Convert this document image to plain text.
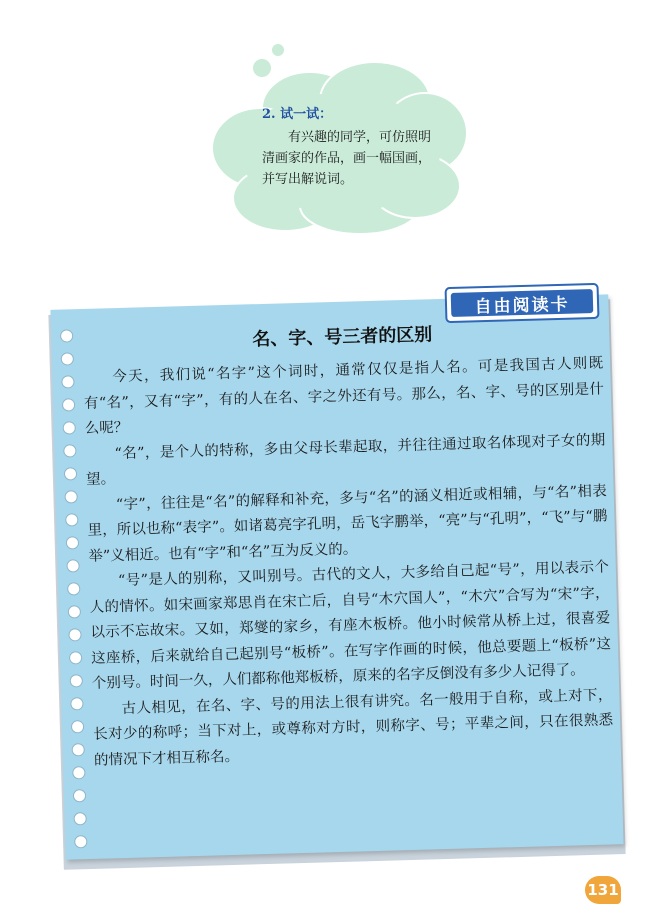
2. 试一试：

有兴趣的同学，可仿照明清画家的作品，画一幅国画，并写出解说词。

自由阅读卡
名、字、号三者的区别

今天，我们说“名字”这个词时，通常仅仅是指人名。可是我国古人则既有“名”，又有“字”，有的人在名、字之外还有号。那么，名、字、号的区别是什么呢？

“名”，是个人的特称，多由父母长辈起取，并往往通过取名体现对子女的期望。

“字”，往往是“名”的解释和补充，多与“名”的涵义相近或相辅，与“名”相表里，所以也称“表字”。如诸葛亮字孔明，岳飞字鹏举，“亮”与“孔明”，“飞”与“鹏举”义相近。也有“字”和“名”互为反义的。

“号”是人的别称，又叫别号。古代的文人，大多给自己起“号”，用以表示个人的情怀。如宋画家郑思肖在宋亡后，自号“木穴国人”，“木穴”合写为“宋”字，以示不忘故宋。又如，郑燮的家乡，有座木板桥。他小时候常从桥上过，很喜爱这座桥，后来就给自己起别号“板桥”。在写字作画的时候，他总要题上“板桥”这个别号。时间一久，人们都称他郑板桥，原来的名字反倒没有多少人记得了。

古人相见，在名、字、号的用法上很有讲究。名一般用于自称，或上对下，长对少的称呼；当下对上，或尊称对方时，则称字、号；平辈之间，只在很熟悉的情况下才相互称名。

131
